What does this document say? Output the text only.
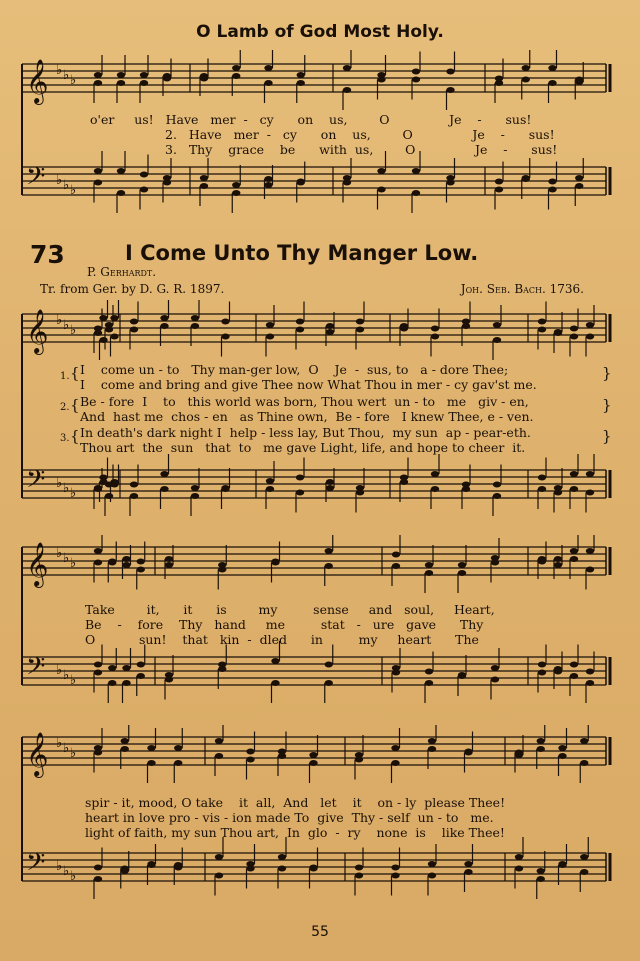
O Lamb of God Most Holy.
𝄞
𝄢
♭
♭
♭
♭
♭
♭
o'er     us!   Have   mer  -   cy      on    us,        O               Je    -      sus!
2.   Have   mer  -   cy      on    us,        O               Je    -      sus!
3.   Thy    grace    be      with  us,        O               Je    -      sus!
73	I Come Unto Thy Manger Low.
P. Gerhardt.
Tr. from Ger. by D. G. R. 1897.	Joh. Seb. Bach. 1736.
𝄞
𝄢
♭
♭
♭
♭
♭
♭
1.
2.
3.
I    come un - to   Thy man-ger low,  O    Je  -  sus, to   a - dore Thee;
I    come and bring and give Thee now What Thou in mer - cy gav'st me.
Be - fore  I    to   this world was born, Thou wert  un - to   me   giv - en,
And  hast me  chos - en   as Thine own,  Be - fore   I knew Thee, e - ven.
In death's dark night I  help - less lay, But Thou,  my sun  ap - pear-eth.
Thou art  the  sun   that  to   me gave Light, life, and hope to cheer  it.
{
{
{
}
}
}
𝄞
𝄢
♭
♭
♭
♭
♭
♭
Take        it,      it      is        my         sense     and   soul,     Heart,
Be    -    fore    Thy   hand     me         stat   -   ure   gave      Thy
O           sun!    that   kin  -  dled      in         my     heart      The
𝄞
𝄢
♭
♭
♭
♭
♭
♭
spir - it, mood, O take    it  all,  And   let    it    on - ly  please Thee!
heart in love pro - vis - ion made To  give  Thy - self  un - to   me.
light of faith, my sun Thou art,  In  glo  -  ry    none  is    like Thee!
55
